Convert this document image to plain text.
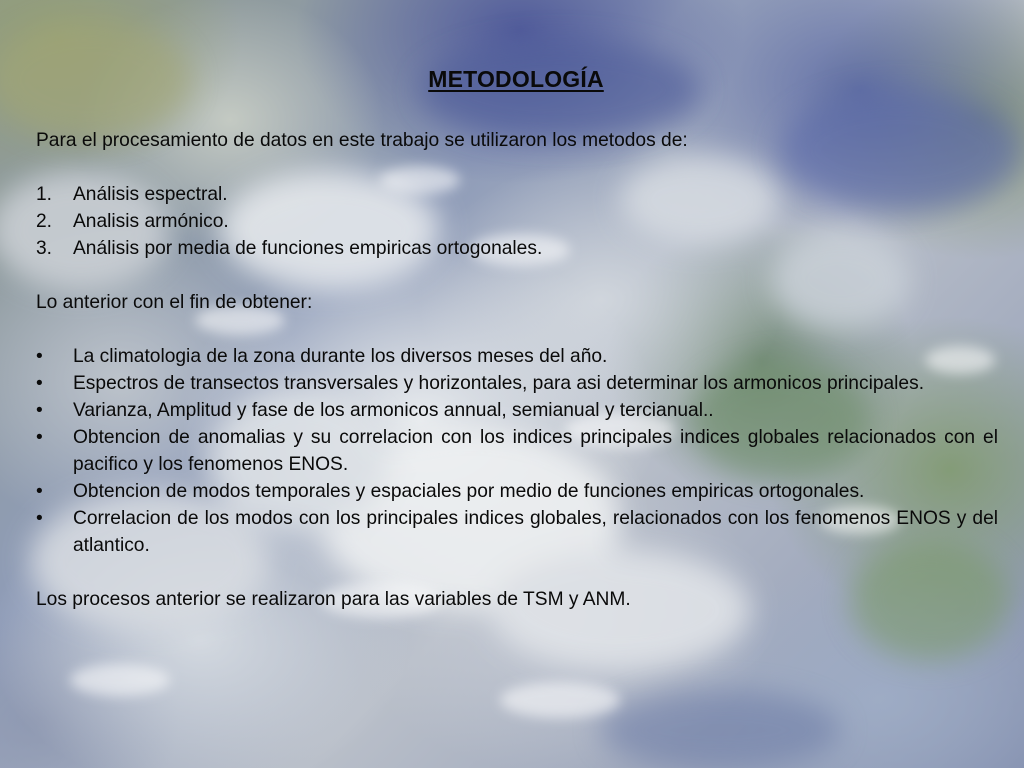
METODOLOGÍA

Para el procesamiento de datos en este trabajo se utilizaron los metodos de:

1. Análisis espectral.
2. Analisis armónico.
3. Análisis por media de funciones empiricas ortogonales.

Lo anterior con el fin de obtener:

• La climatologia de la zona durante los diversos meses del año.
• Espectros de transectos transversales y horizontales, para asi determinar los armonicos principales.
• Varianza, Amplitud y fase de los armonicos annual, semianual y tercianual..
• Obtencion de anomalias y su correlacion con los indices principales indices globales relacionados con el pacifico y los fenomenos ENOS.
• Obtencion de modos temporales y espaciales por medio de funciones empiricas ortogonales.
• Correlacion de los modos con los principales indices globales, relacionados con los fenomenos ENOS y del atlantico.

Los procesos anterior se realizaron para las variables de TSM y ANM.
